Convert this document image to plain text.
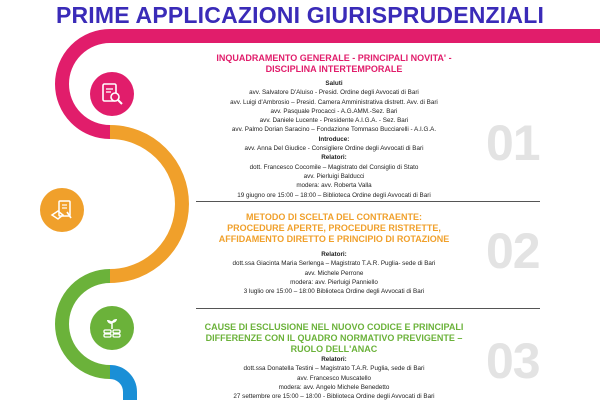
PRIME APPLICAZIONI GIURISPRUDENZIALI
INQUADRAMENTO GENERALE - PRINCIPALI NOVITA' -
DISCIPLINA INTERTEMPORALE
Saluti
avv. Salvatore D'Aluiso - Presid. Ordine degli Avvocati di Bari
avv. Luigi d'Ambrosio – Presid. Camera Amministrativa distrett. Avv. di Bari
avv. Pasquale Procacci - A.G.AMM.-Sez. Bari
avv. Daniele Lucente - Presidente A.I.G.A. - Sez. Bari
avv. Palmo Dorian Saracino – Fondazione Tommaso Bucciarelli - A.I.G.A.
Introduce:
avv. Anna Del Giudice - Consigliere Ordine degli Avvocati di Bari
Relatori:
dott. Francesco Cocomile – Magistrato del Consiglio di Stato
avv. Pierluigi Balducci
modera: avv. Roberta Valla
19 giugno ore 15:00 – 18:00 – Biblioteca Ordine degli Avvocati di Bari
01
METODO DI SCELTA DEL CONTRAENTE:
PROCEDURE APERTE, PROCEDURE RISTRETTE,
AFFIDAMENTO DIRETTO E PRINCIPIO DI ROTAZIONE
Relatori:
dott.ssa Giacinta Maria Serlenga – Magistrato T.A.R. Puglia- sede di Bari
avv. Michele Perrone
modera: avv. Pierluigi Panniello
3 luglio ore 15:00 – 18:00 Biblioteca Ordine degli Avvocati di Bari
02
CAUSE DI ESCLUSIONE NEL NUOVO CODICE E PRINCIPALI
DIFFERENZE CON IL QUADRO NORMATIVO PREVIGENTE –
RUOLO DELL'ANAC
Relatori:
dott.ssa Donatella Testini – Magistrato T.A.R. Puglia, sede di Bari
avv. Francesco Muscatello
modera: avv. Angelo Michele Benedetto
27 settembre ore 15:00 – 18:00 - Biblioteca Ordine degli Avvocati di Bari
03
